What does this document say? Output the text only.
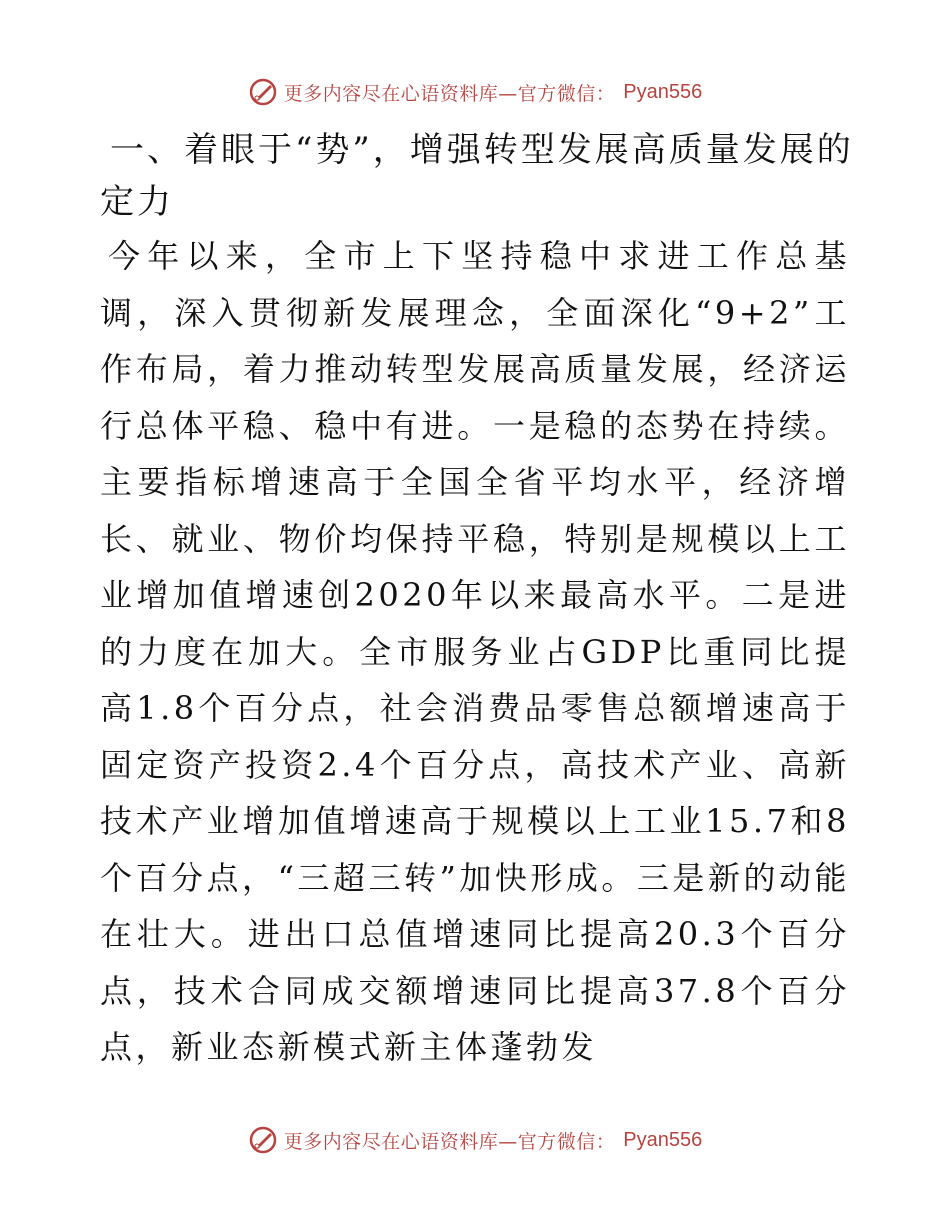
更多内容尽在心语资料库—官方微信： Pyan556
一、着眼于“势”，增强转型发展高质量发展的定力

今年以来，全市上下坚持稳中求进工作总基调，深入贯彻新发展理念，全面深化“9+2”工作布局，着力推动转型发展高质量发展，经济运行总体平稳、稳中有进。一是稳的态势在持续。主要指标增速高于全国全省平均水平，经济增长、就业、物价均保持平稳，特别是规模以上工业增加值增速创2020年以来最高水平。二是进的力度在加大。全市服务业占GDP比重同比提高1.8个百分点，社会消费品零售总额增速高于固定资产投资2.4个百分点，高技术产业、高新技术产业增加值增速高于规模以上工业15.7和8个百分点，“三超三转”加快形成。三是新的动能在壮大。进出口总值增速同比提高20.3个百分点，技术合同成交额增速同比提高37.8个百分点，新业态新模式新主体蓬勃发

更多内容尽在心语资料库—官方微信： Pyan556
